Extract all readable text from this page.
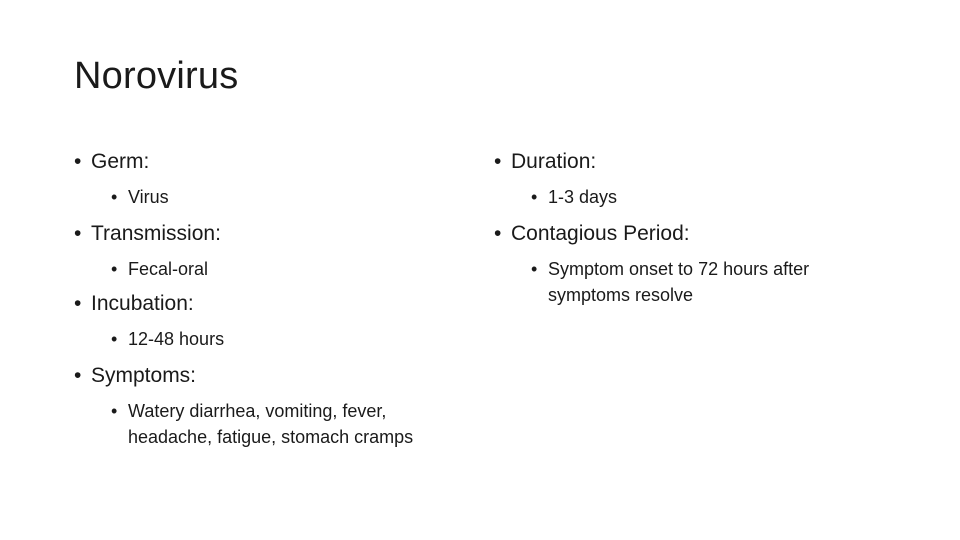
Norovirus
• Germ:
• Virus
• Transmission:
• Fecal-oral
• Incubation:
• 12-48 hours
• Symptoms:
• Watery diarrhea, vomiting, fever, headache, fatigue, stomach cramps
• Duration:
• 1-3 days
• Contagious Period:
• Symptom onset to 72 hours after symptoms resolve
